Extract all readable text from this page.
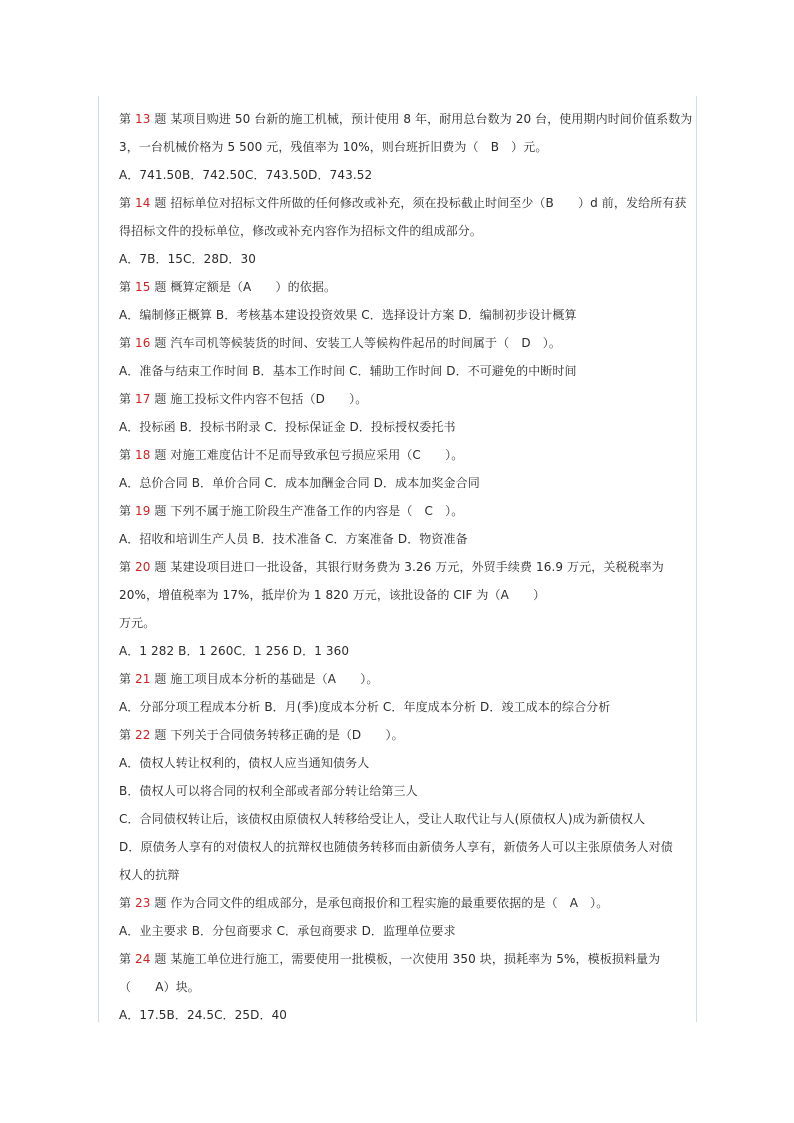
第 13 题 某项目购进 50 台新的施工机械，预计使用 8 年，耐用总台数为 20 台，使用期内时间价值系数为
3，一台机械价格为 5 500 元，残值率为 10%，则台班折旧费为（　B　）元。
A．741.50B．742.50C．743.50D．743.52
第 14 题 招标单位对招标文件所做的任何修改或补充，须在投标截止时间至少（B　　）d 前，发给所有获
得招标文件的投标单位，修改或补充内容作为招标文件的组成部分。
A．7B．15C．28D．30
第 15 题 概算定额是（A　　）的依据。
A．编制修正概算 B．考核基本建设投资效果 C．选择设计方案 D．编制初步设计概算
第 16 题 汽车司机等候装货的时间、安装工人等候构件起吊的时间属于（　D　）。
A．准备与结束工作时间 B．基本工作时间 C．辅助工作时间 D．不可避免的中断时间
第 17 题 施工投标文件内容不包括（D　　）。
A．投标函 B．投标书附录 C．投标保证金 D．投标授权委托书
第 18 题 对施工难度估计不足而导致承包亏损应采用（C　　）。
A．总价合同 B．单价合同 C．成本加酬金合同 D．成本加奖金合同
第 19 题 下列不属于施工阶段生产准备工作的内容是（　C　）。
A．招收和培训生产人员 B．技术准备 C．方案准备 D．物资准备
第 20 题 某建设项目进口一批设备，其银行财务费为 3.26 万元，外贸手续费 16.9 万元，关税税率为
20%，增值税率为 17%，抵岸价为 1 820 万元，该批设备的 CIF 为（A　　）
万元。
A．1 282 B．1 260C．1 256 D．1 360
第 21 题 施工项目成本分析的基础是（A　　）。
A．分部分项工程成本分析 B．月(季)度成本分析 C．年度成本分析 D．竣工成本的综合分析
第 22 题 下列关于合同债务转移正确的是（D　　）。
A．债权人转让权利的，债权人应当通知债务人
B．债权人可以将合同的权利全部或者部分转让给第三人
C．合同债权转让后，该债权由原债权人转移给受让人，受让人取代让与人(原债权人)成为新债权人
D．原债务人享有的对债权人的抗辩权也随债务转移而由新债务人享有，新债务人可以主张原债务人对债
权人的抗辩
第 23 题 作为合同文件的组成部分，是承包商报价和工程实施的最重要依据的是（　A　）。
A．业主要求 B．分包商要求 C．承包商要求 D．监理单位要求
第 24 题 某施工单位进行施工，需要使用一批模板，一次使用 350 块，损耗率为 5%，模板损料量为
（　　A）块。
A．17.5B．24.5C．25D．40
